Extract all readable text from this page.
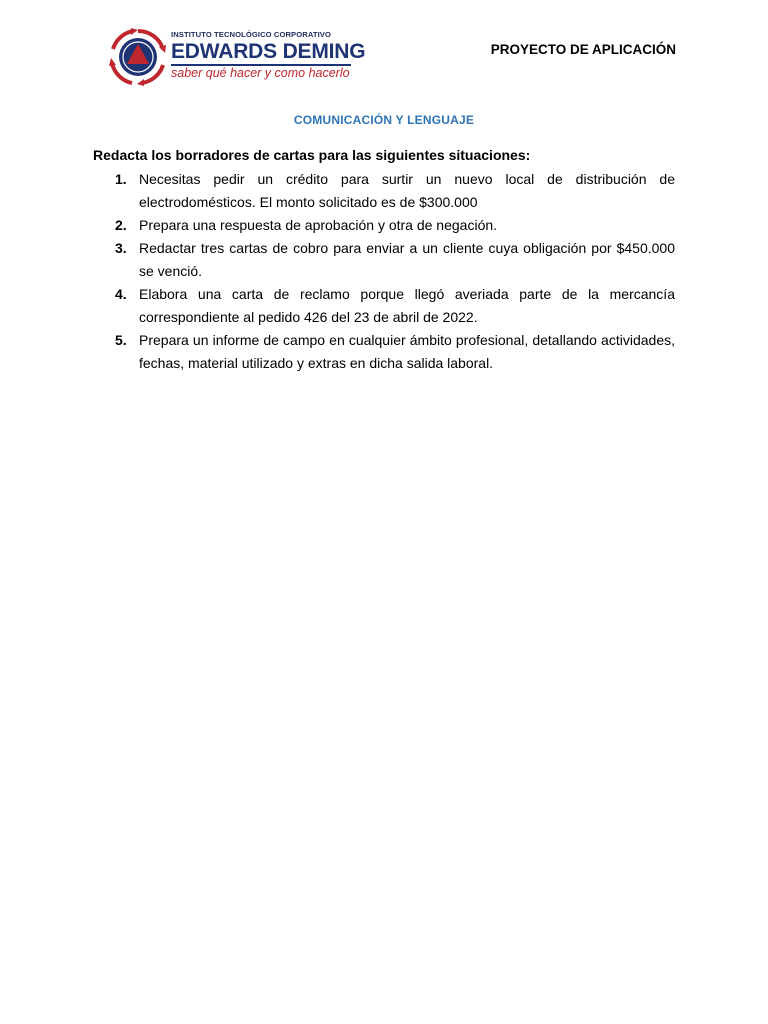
INSTITUTO TECNOLÓGICO CORPORATIVO
EDWARDS DEMING
saber qué hacer y como hacerlo
PROYECTO DE APLICACIÓN
COMUNICACIÓN Y LENGUAJE
Redacta los borradores de cartas para las siguientes situaciones:
1. Necesitas pedir un crédito para surtir un nuevo local de distribución de electrodomésticos. El monto solicitado es de $300.000
2. Prepara una respuesta de aprobación y otra de negación.
3. Redactar tres cartas de cobro para enviar a un cliente cuya obligación por $450.000 se venció.
4. Elabora una carta de reclamo porque llegó averiada parte de la mercancía correspondiente al pedido 426 del 23 de abril de 2022.
5. Prepara un informe de campo en cualquier ámbito profesional, detallando actividades, fechas, material utilizado y extras en dicha salida laboral.
